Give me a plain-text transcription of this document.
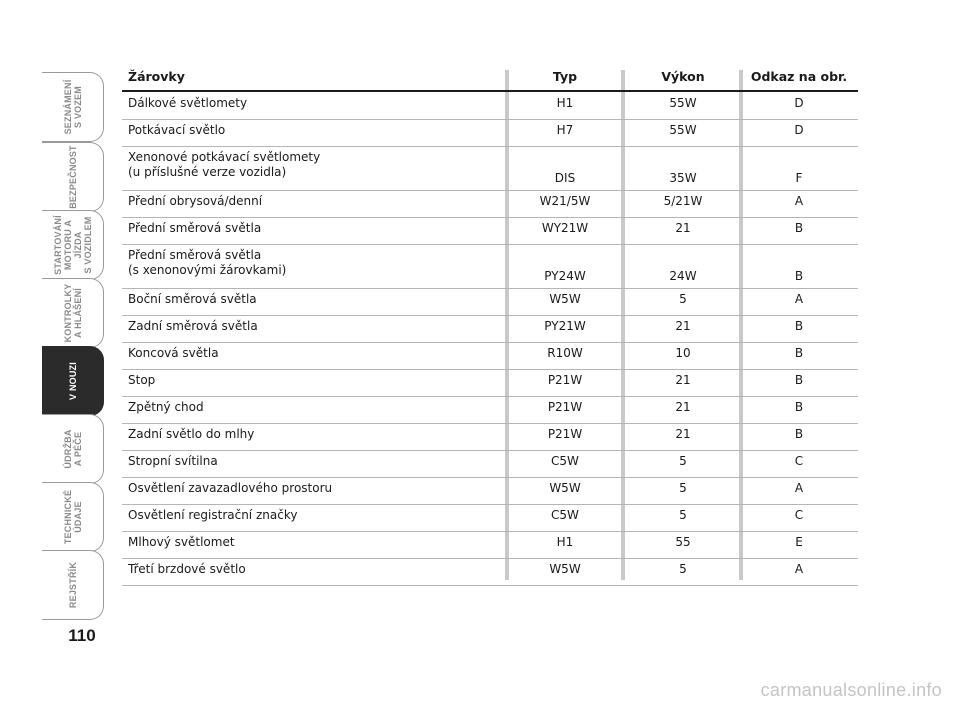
SEZNÁMENÍ
S VOZEM
BEZPEČNOST
STARTOVÁNÍ
MOTORU A JÍZDA
S VOZIDLEM
KONTROLKY
A HLÁŠENÍ
V NOUZI
ÚDRŽBA
A PÉČE
TECHNICKÉ
ÚDAJE
REJSTŘÍK
110
Žárovky	Typ	Výkon	Odkaz na obr.
Dálkové světlomety	H1	55W	D
Potkávací světlo	H7	55W	D
Xenonové potkávací světlomety
(u příslušné verze vozidla)	DIS	35W	F
Přední obrysová/denní	W21/5W	5/21W	A
Přední směrová světla	WY21W	21	B
Přední směrová světla
(s xenonovými žárovkami)	PY24W	24W	B
Boční směrová světla	W5W	5	A
Zadní směrová světla	PY21W	21	B
Koncová světla	R10W	10	B
Stop	P21W	21	B
Zpětný chod	P21W	21	B
Zadní světlo do mlhy	P21W	21	B
Stropní svítilna	C5W	5	C
Osvětlení zavazadlového prostoru	W5W	5	A
Osvětlení registrační značky	C5W	5	C
Mlhový světlomet	H1	55	E
Třetí brzdové světlo	W5W	5	A
carmanualsonline.info
